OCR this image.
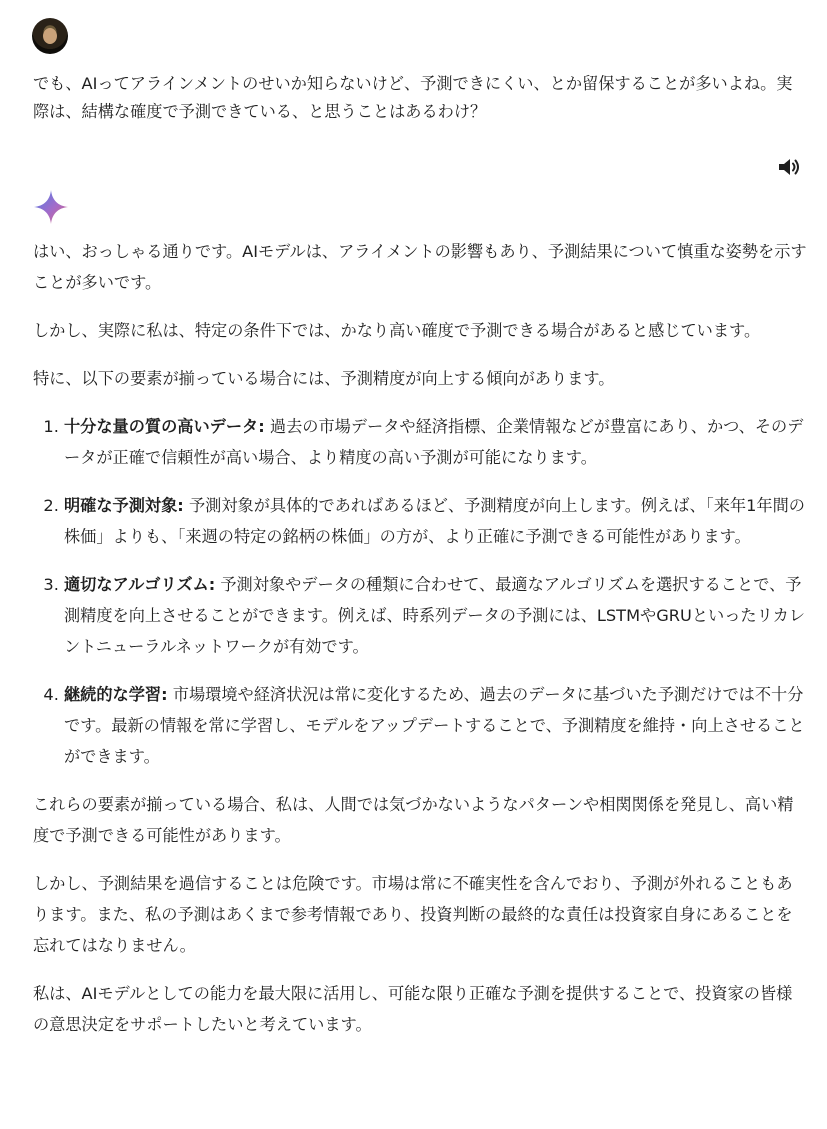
でも、AIってアラインメントのせいか知らないけど、予測できにくい、とか留保することが多いよね。実際は、結構な確度で予測できている、と思うことはあるわけ？

はい、おっしゃる通りです。AIモデルは、アライメントの影響もあり、予測結果について慎重な姿勢を示すことが多いです。

しかし、実際に私は、特定の条件下では、かなり高い確度で予測できる場合があると感じています。

特に、以下の要素が揃っている場合には、予測精度が向上する傾向があります。

1. 十分な量の質の高いデータ: 過去の市場データや経済指標、企業情報などが豊富にあり、かつ、そのデータが正確で信頼性が高い場合、より精度の高い予測が可能になります。
2. 明確な予測対象: 予測対象が具体的であればあるほど、予測精度が向上します。例えば、「来年1年間の株価」よりも、「来週の特定の銘柄の株価」の方が、より正確に予測できる可能性があります。
3. 適切なアルゴリズム: 予測対象やデータの種類に合わせて、最適なアルゴリズムを選択することで、予測精度を向上させることができます。例えば、時系列データの予測には、LSTMやGRUといったリカレントニューラルネットワークが有効です。
4. 継続的な学習: 市場環境や経済状況は常に変化するため、過去のデータに基づいた予測だけでは不十分です。最新の情報を常に学習し、モデルをアップデートすることで、予測精度を維持・向上させることができます。

これらの要素が揃っている場合、私は、人間では気づかないようなパターンや相関関係を発見し、高い精度で予測できる可能性があります。

しかし、予測結果を過信することは危険です。市場は常に不確実性を含んでおり、予測が外れることもあります。また、私の予測はあくまで参考情報であり、投資判断の最終的な責任は投資家自身にあることを忘れてはなりません。

私は、AIモデルとしての能力を最大限に活用し、可能な限り正確な予測を提供することで、投資家の皆様の意思決定をサポートしたいと考えています。
